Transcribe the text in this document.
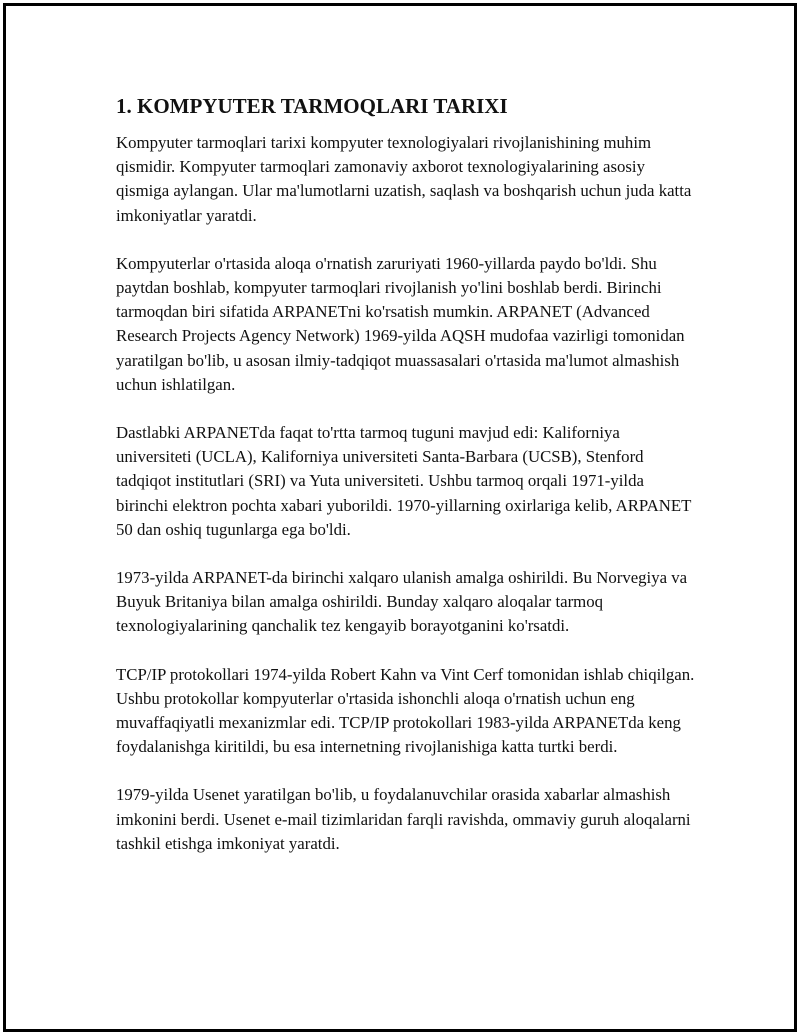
1. KOMPYUTER TARMOQLARI TARIXI

Kompyuter tarmoqlari tarixi kompyuter texnologiyalari rivojlanishining muhim qismidir. Kompyuter tarmoqlari zamonaviy axborot texnologiyalarining asosiy qismiga aylangan. Ular ma'lumotlarni uzatish, saqlash va boshqarish uchun juda katta imkoniyatlar yaratdi.

Kompyuterlar o'rtasida aloqa o'rnatish zaruriyati 1960-yillarda paydo bo'ldi. Shu paytdan boshlab, kompyuter tarmoqlari rivojlanish yo'lini boshlab berdi. Birinchi tarmoqdan biri sifatida ARPANETni ko'rsatish mumkin. ARPANET (Advanced Research Projects Agency Network) 1969-yilda AQSH mudofaa vazirligi tomonidan yaratilgan bo'lib, u asosan ilmiy-tadqiqot muassasalari o'rtasida ma'lumot almashish uchun ishlatilgan.

Dastlabki ARPANETda faqat to'rtta tarmoq tuguni mavjud edi: Kaliforniya universiteti (UCLA), Kaliforniya universiteti Santa-Barbara (UCSB), Stenford tadqiqot institutlari (SRI) va Yuta universiteti. Ushbu tarmoq orqali 1971-yilda birinchi elektron pochta xabari yuborildi. 1970-yillarning oxirlariga kelib, ARPANET 50 dan oshiq tugunlarga ega bo'ldi.

1973-yilda ARPANET-da birinchi xalqaro ulanish amalga oshirildi. Bu Norvegiya va Buyuk Britaniya bilan amalga oshirildi. Bunday xalqaro aloqalar tarmoq texnologiyalarining qanchalik tez kengayib borayotganini ko'rsatdi.

TCP/IP protokollari 1974-yilda Robert Kahn va Vint Cerf tomonidan ishlab chiqilgan. Ushbu protokollar kompyuterlar o'rtasida ishonchli aloqa o'rnatish uchun eng muvaffaqiyatli mexanizmlar edi. TCP/IP protokollari 1983-yilda ARPANETda keng foydalanishga kiritildi, bu esa internetning rivojlanishiga katta turtki berdi.

1979-yilda Usenet yaratilgan bo'lib, u foydalanuvchilar orasida xabarlar almashish imkonini berdi. Usenet e-mail tizimlaridan farqli ravishda, ommaviy guruh aloqalarni tashkil etishga imkoniyat yaratdi.
